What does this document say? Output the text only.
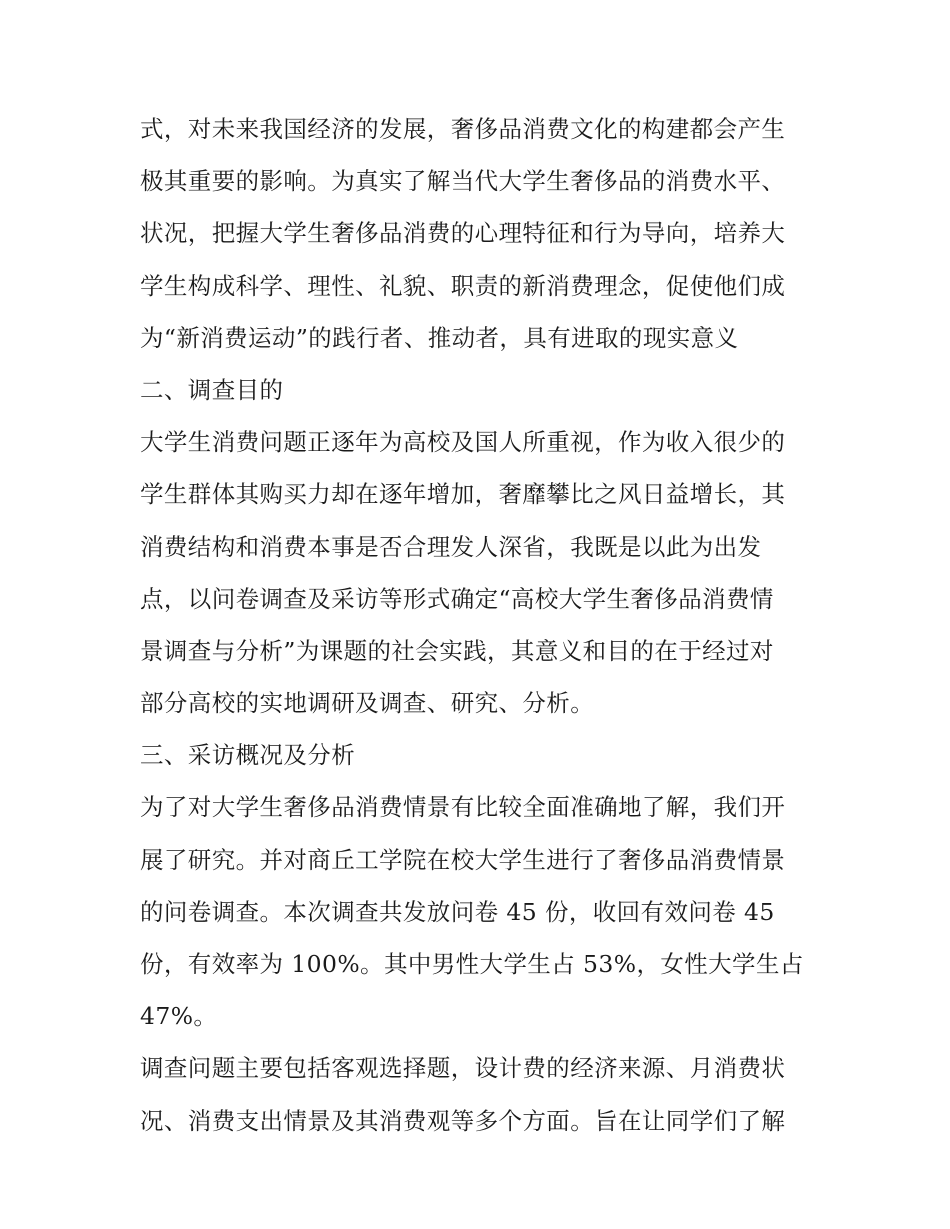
式，对未来我国经济的发展，奢侈品消费文化的构建都会产生
极其重要的影响。为真实了解当代大学生奢侈品的消费水平、
状况，把握大学生奢侈品消费的心理特征和行为导向，培养大
学生构成科学、理性、礼貌、职责的新消费理念，促使他们成
为“新消费运动”的践行者、推动者，具有进取的现实意义
二、调查目的
大学生消费问题正逐年为高校及国人所重视，作为收入很少的
学生群体其购买力却在逐年增加，奢靡攀比之风日益增长，其
消费结构和消费本事是否合理发人深省，我既是以此为出发
点，以问卷调查及采访等形式确定“高校大学生奢侈品消费情
景调查与分析”为课题的社会实践，其意义和目的在于经过对
部分高校的实地调研及调查、研究、分析。
三、采访概况及分析
为了对大学生奢侈品消费情景有比较全面准确地了解，我们开
展了研究。并对商丘工学院在校大学生进行了奢侈品消费情景
的问卷调查。本次调查共发放问卷 45 份，收回有效问卷 45
份，有效率为 100%。其中男性大学生占 53%，女性大学生占
47%。
调查问题主要包括客观选择题，设计费的经济来源、月消费状
况、消费支出情景及其消费观等多个方面。旨在让同学们了解
